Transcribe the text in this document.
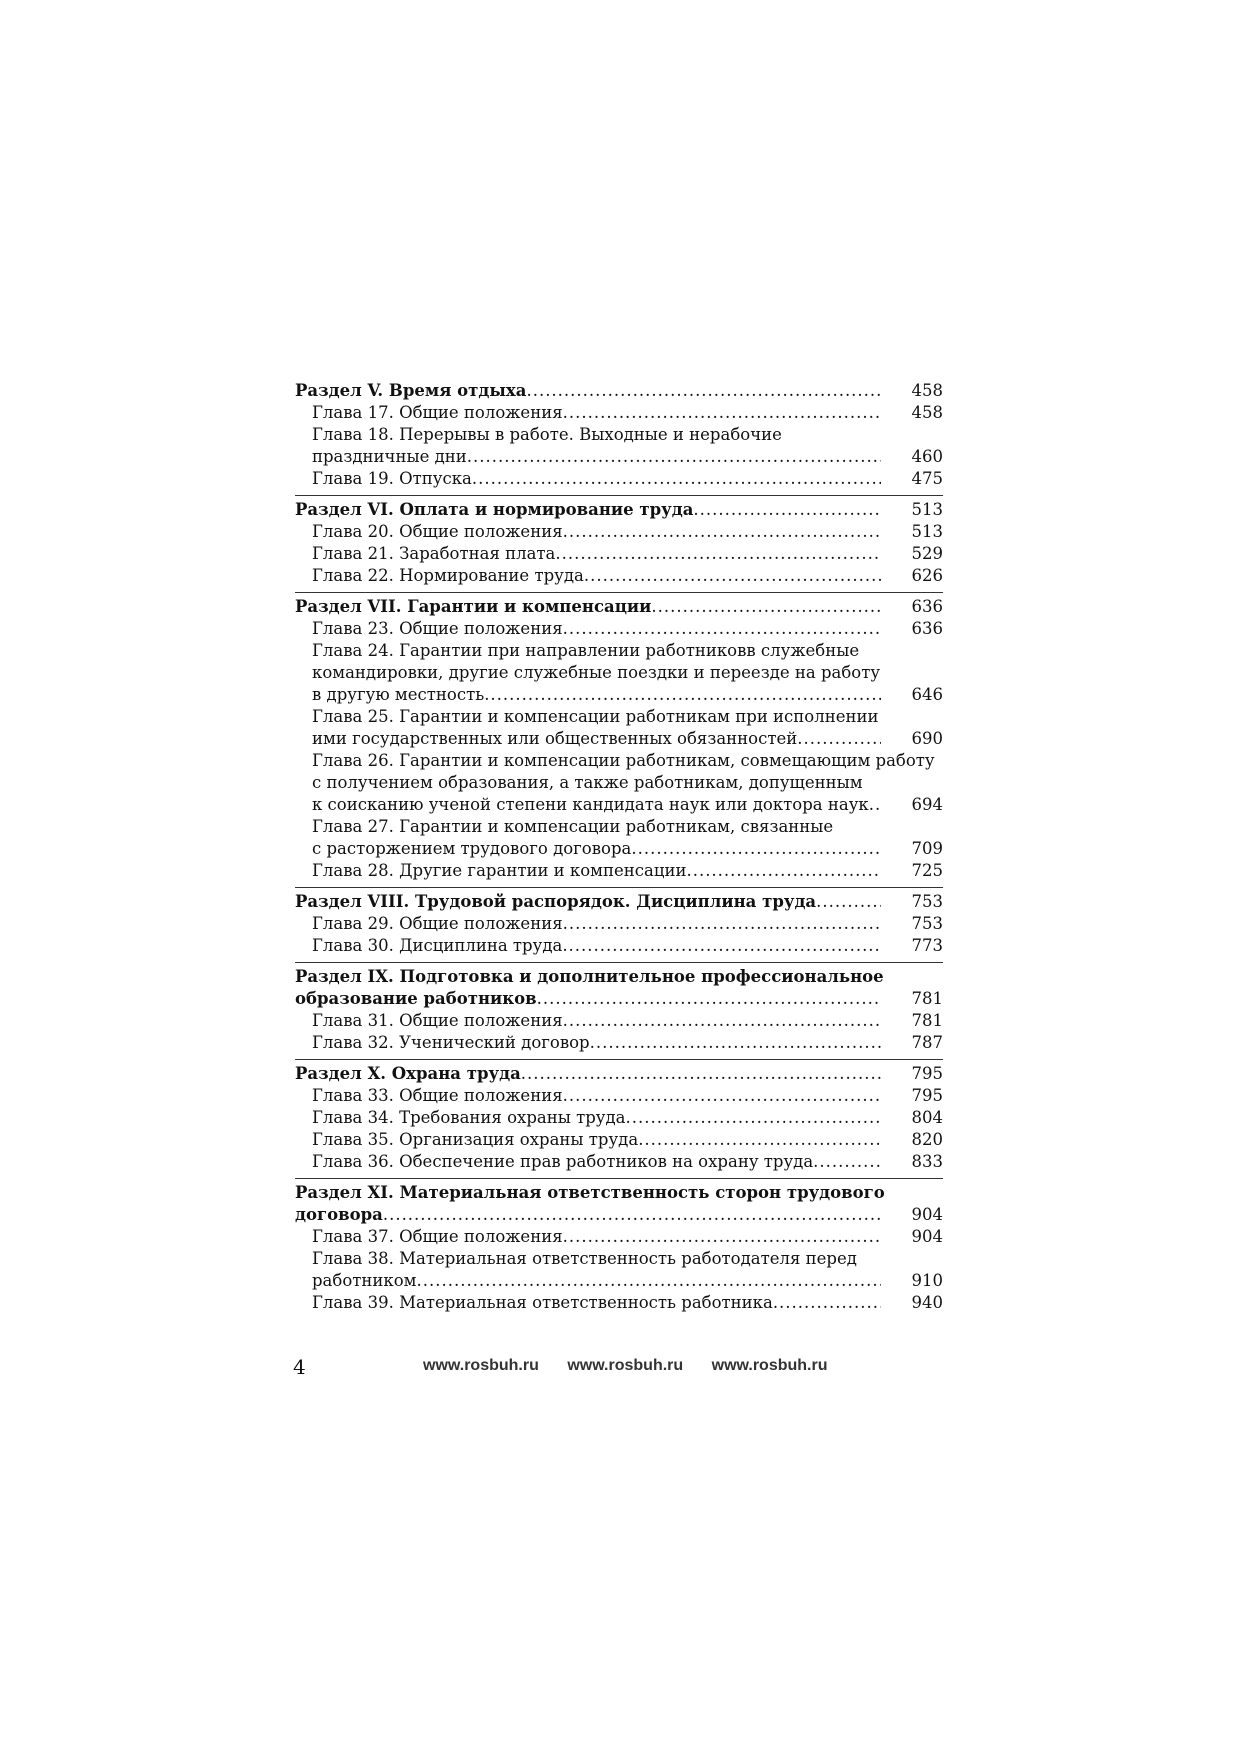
Раздел V. Время отдыха .....	458
Глава 17. Общие положения .....	458
Глава 18. Перерывы в работе. Выходные и нерабочие
праздничные дни .....	460
Глава 19. Отпуска .....	475
Раздел VI. Оплата и нормирование труда .....	513
Глава 20. Общие положения .....	513
Глава 21. Заработная плата .....	529
Глава 22. Нормирование труда .....	626
Раздел VII. Гарантии и компенсации .....	636
Глава 23. Общие положения .....	636
Глава 24. Гарантии при направлении работниковв служебные
командировки, другие служебные поездки и переезде на работу
в другую местность .....	646
Глава 25. Гарантии и компенсации работникам при исполнении
ими государственных или общественных обязанностей .....	690
Глава 26. Гарантии и компенсации работникам, совмещающим работу
с получением образования, а также работникам, допущенным
к соисканию ученой степени кандидата наук или доктора наук .....	694
Глава 27. Гарантии и компенсации работникам, связанные
с расторжением трудового договора .....	709
Глава 28. Другие гарантии и компенсации .....	725
Раздел VIII. Трудовой распорядок. Дисциплина труда .....	753
Глава 29. Общие положения .....	753
Глава 30. Дисциплина труда .....	773
Раздел IX. Подготовка и дополнительное профессиональное
образование работников .....	781
Глава 31. Общие положения .....	781
Глава 32. Ученический договор .....	787
Раздел X. Охрана труда .....	795
Глава 33. Общие положения .....	795
Глава 34. Требования охраны труда .....	804
Глава 35. Организация охраны труда .....	820
Глава 36. Обеспечение прав работников на охрану труда .....	833
Раздел XI. Материальная ответственность сторон трудового
договора .....	904
Глава 37. Общие положения .....	904
Глава 38. Материальная ответственность работодателя перед
работником .....	910
Глава 39. Материальная ответственность работника .....	940
4	www.rosbuh.ru www.rosbuh.ru www.rosbuh.ru
